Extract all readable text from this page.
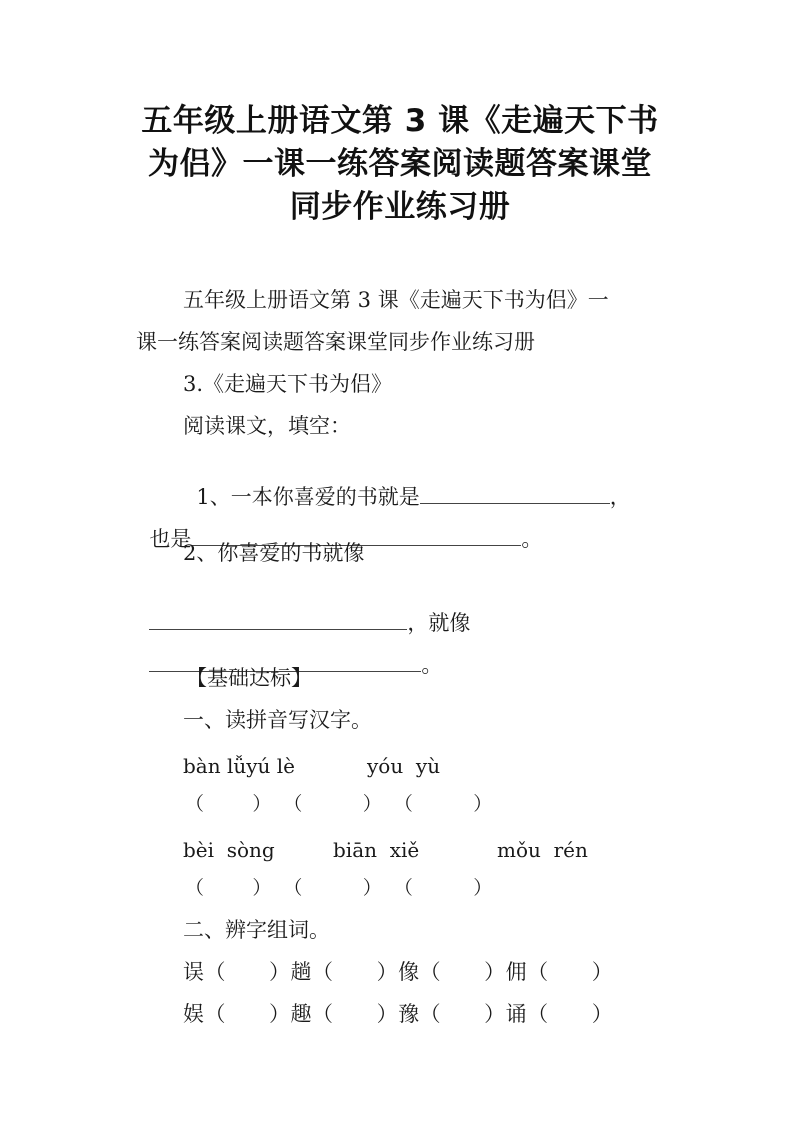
五年级上册语文第 3 课《走遍天下书
为侣》一课一练答案阅读题答案课堂
同步作业练习册
五年级上册语文第 3 课《走遍天下书为侣》一
课一练答案阅读题答案课堂同步作业练习册
3.《走遍天下书为侣》
阅读课文，填空：

1、一本你喜爱的书就是	，

也是	。

2、你喜爱的书就像

，就像

。

【基础达标】
一、读拼音写汉字。
bàn lǚyú lè	yóu  yù
（        ）  （          ）  （          ）
bèi  sòng	biān  xiě	mǒu  rén
（        ）  （          ）  （          ）
二、辨字组词。
误（      ）趟（      ）像（      ）佣（      ）
娱（      ）趣（      ）豫（      ）诵（      ）
